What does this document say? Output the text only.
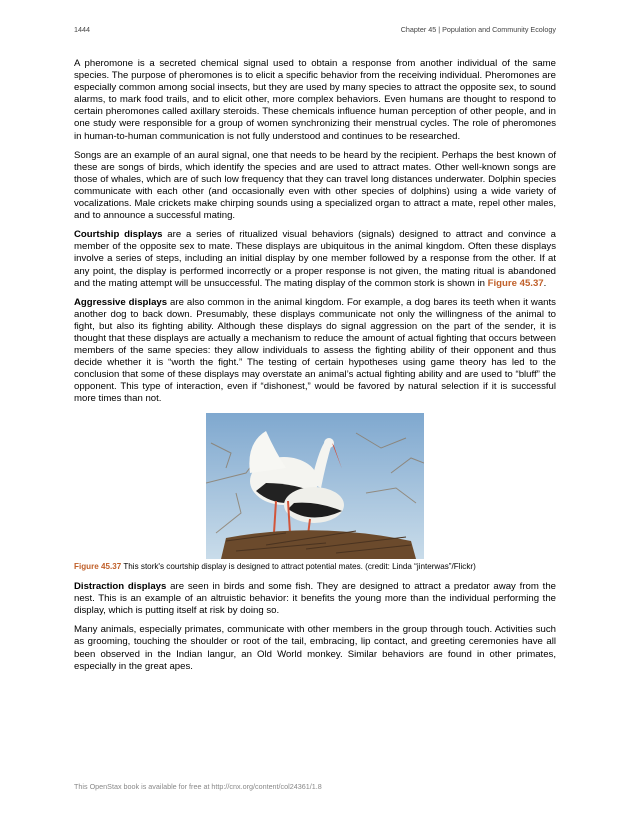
1444	Chapter 45 | Population and Community Ecology

A pheromone is a secreted chemical signal used to obtain a response from another individual of the same species. The purpose of pheromones is to elicit a specific behavior from the receiving individual. Pheromones are especially common among social insects, but they are used by many species to attract the opposite sex, to sound alarms, to mark food trails, and to elicit other, more complex behaviors. Even humans are thought to respond to certain pheromones called axillary steroids. These chemicals influence human perception of other people, and in one study were responsible for a group of women synchronizing their menstrual cycles. The role of pheromones in human-to-human communication is not fully understood and continues to be researched.

Songs are an example of an aural signal, one that needs to be heard by the recipient. Perhaps the best known of these are songs of birds, which identify the species and are used to attract mates. Other well-known songs are those of whales, which are of such low frequency that they can travel long distances underwater. Dolphin species communicate with each other (and occasionally even with other species of dolphins) using a wide variety of vocalizations. Male crickets make chirping sounds using a specialized organ to attract a mate, repel other males, and to announce a successful mating.

Courtship displays are a series of ritualized visual behaviors (signals) designed to attract and convince a member of the opposite sex to mate. These displays are ubiquitous in the animal kingdom. Often these displays involve a series of steps, including an initial display by one member followed by a response from the other. If at any point, the display is performed incorrectly or a proper response is not given, the mating ritual is abandoned and the mating attempt will be unsuccessful. The mating display of the common stork is shown in Figure 45.37.

Aggressive displays are also common in the animal kingdom. For example, a dog bares its teeth when it wants another dog to back down. Presumably, these displays communicate not only the willingness of the animal to fight, but also its fighting ability. Although these displays do signal aggression on the part of the sender, it is thought that these displays are actually a mechanism to reduce the amount of actual fighting that occurs between members of the same species: they allow individuals to assess the fighting ability of their opponent and thus decide whether it is “worth the fight.” The testing of certain hypotheses using game theory has led to the conclusion that some of these displays may overstate an animal’s actual fighting ability and are used to “bluff” the opponent. This type of interaction, even if “dishonest,” would be favored by natural selection if it is successful more times than not.

Figure 45.37 This stork's courtship display is designed to attract potential mates. (credit: Linda “jinterwas”/Flickr)

Distraction displays are seen in birds and some fish. They are designed to attract a predator away from the nest. This is an example of an altruistic behavior: it benefits the young more than the individual performing the display, which is putting itself at risk by doing so.

Many animals, especially primates, communicate with other members in the group through touch. Activities such as grooming, touching the shoulder or root of the tail, embracing, lip contact, and greeting ceremonies have all been observed in the Indian langur, an Old World monkey. Similar behaviors are found in other primates, especially in the great apes.

This OpenStax book is available for free at http://cnx.org/content/col24361/1.8
